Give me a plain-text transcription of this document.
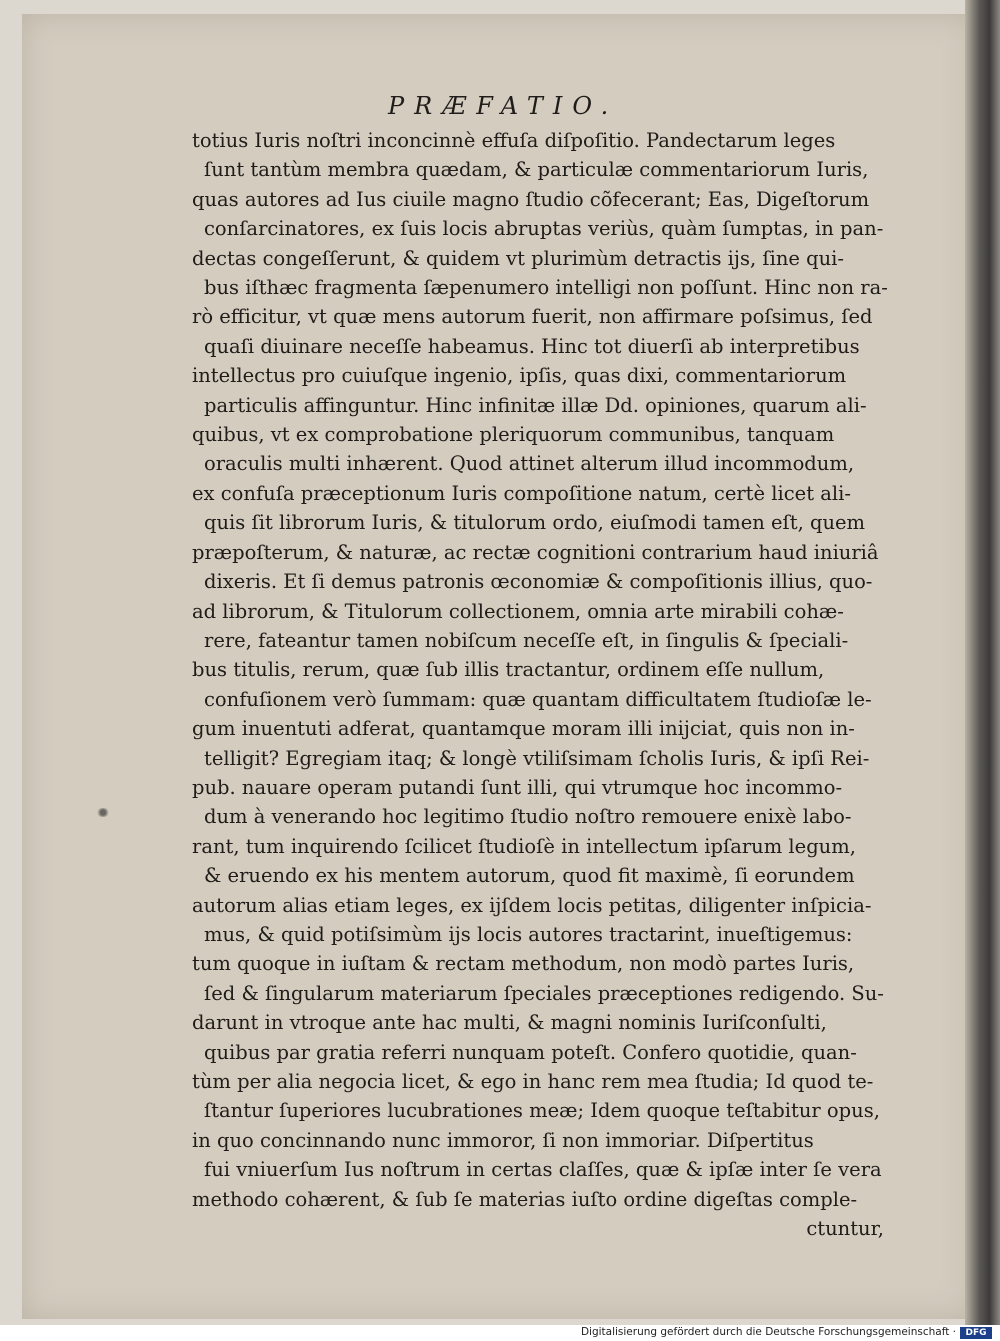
PRÆFATIO.
totius Iuris noſtri inconcinnè effuſa diſpoſitio. Pandectarum leges
ſunt tantùm membra quædam, & particulæ commentariorum Iuris,
quas autores ad Ius ciuile magno ſtudio cõfecerant; Eas, Digeſtorum
conſarcinatores, ex ſuis locis abruptas veriùs, quàm ſumptas, in pan-
dectas congeſſerunt, & quidem vt plurimùm detractis ijs, ſine qui-
bus iſthæc fragmenta ſæpenumero intelligi non poſſunt. Hinc non ra-
rò efficitur, vt quæ mens autorum fuerit, non affirmare poſsimus, ſed
quaſi diuinare neceſſe habeamus. Hinc tot diuerſi ab interpretibus
intellectus pro cuiuſque ingenio, ipſis, quas dixi, commentariorum
particulis affinguntur. Hinc infinitæ illæ Dd. opiniones, quarum ali-
quibus, vt ex comprobatione pleriquorum communibus, tanquam
oraculis multi inhærent. Quod attinet alterum illud incommodum,
ex confuſa præceptionum Iuris compoſitione natum, certè licet ali-
quis ſit librorum Iuris, & titulorum ordo, eiuſmodi tamen eſt, quem
præpoſterum, & naturæ, ac rectæ cognitioni contrarium haud iniuriâ
dixeris. Et ſi demus patronis œconomiæ & compoſitionis illius, quo-
ad librorum, & Titulorum collectionem, omnia arte mirabili cohæ-
rere, fateantur tamen nobiſcum neceſſe eſt, in ſingulis & ſpeciali-
bus titulis, rerum, quæ ſub illis tractantur, ordinem eſſe nullum,
confuſionem verò ſummam: quæ quantam difficultatem ſtudioſæ le-
gum inuentuti adferat, quantamque moram illi inijciat, quis non in-
telligit? Egregiam itaq; & longè vtiliſsimam ſcholis Iuris, & ipſi Rei-
pub. nauare operam putandi ſunt illi, qui vtrumque hoc incommo-
dum à venerando hoc legitimo ſtudio noſtro remouere enixè labo-
rant, tum inquirendo ſcilicet ſtudioſè in intellectum ipſarum legum,
& eruendo ex his mentem autorum, quod fit maximè, ſi eorundem
autorum alias etiam leges, ex ijſdem locis petitas, diligenter inſpicia-
mus, & quid potiſsimùm ijs locis autores tractarint, inueſtigemus:
tum quoque in iuſtam & rectam methodum, non modò partes Iuris,
ſed & ſingularum materiarum ſpeciales præceptiones redigendo. Su-
darunt in vtroque ante hac multi, & magni nominis Iuriſconſulti,
quibus par gratia referri nunquam poteſt. Confero quotidie, quan-
tùm per alia negocia licet, & ego in hanc rem mea ſtudia; Id quod te-
ſtantur ſuperiores lucubrationes meæ; Idem quoque teſtabitur opus,
in quo concinnando nunc immoror, ſi non immoriar. Diſpertitus
fui vniuerſum Ius noſtrum in certas claſſes, quæ & ipſæ inter ſe vera
methodo cohærent, & ſub ſe materias iuſto ordine digeſtas comple-
ctuntur,
Digitalisierung gefördert durch die Deutsche Forschungsgemeinschaft ·	DFG
